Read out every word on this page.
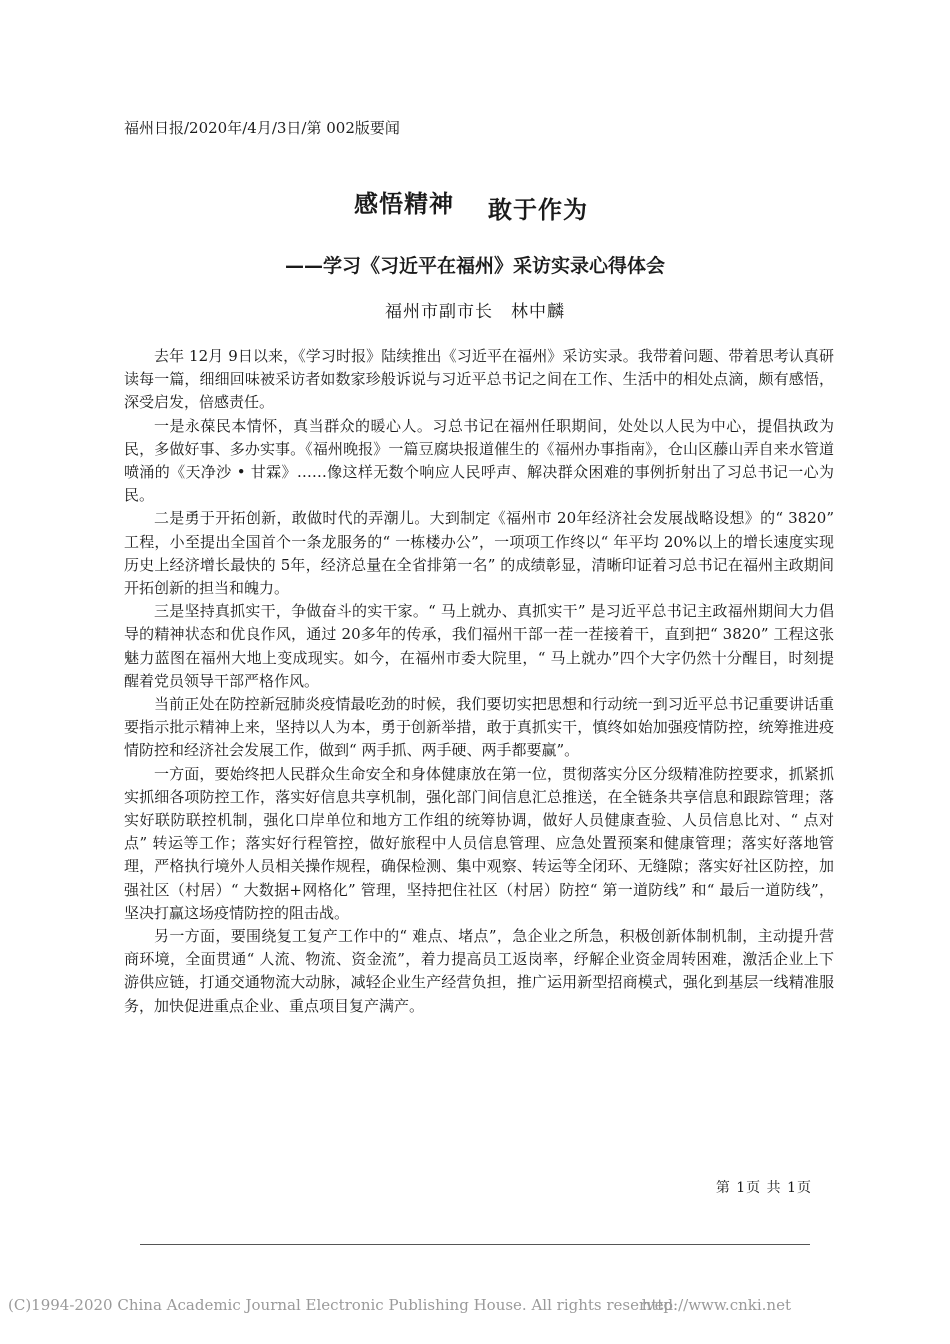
福州日报/2020年/4月/3日/第 002版要闻
感悟精神 敢于作为
——学习《习近平在福州》采访实录心得体会
福州市副市长 林中麟

去年 12月 9日以来，《学习时报》陆续推出《习近平在福州》采访实录。我带着问题、带着思考认真研读每一篇，细细回味被采访者如数家珍般诉说与习近平总书记之间在工作、生活中的相处点滴，颇有感悟，深受启发，倍感责任。

一是永葆民本情怀，真当群众的暖心人。习总书记在福州任职期间，处处以人民为中心，提倡执政为民，多做好事、多办实事。《福州晚报》一篇豆腐块报道催生的《福州办事指南》，仓山区藤山弄自来水管道喷涌的《天净沙 • 甘霖》……像这样无数个响应人民呼声、解决群众困难的事例折射出了习总书记一心为民。

二是勇于开拓创新，敢做时代的弄潮儿。大到制定《福州市 20年经济社会发展战略设想》的“ 3820” 工程，小至提出全国首个一条龙服务的“ 一栋楼办公”，一项项工作终以“ 年平均 20%以上的增长速度实现历史上经济增长最快的 5年，经济总量在全省排第一名” 的成绩彰显，清晰印证着习总书记在福州主政期间开拓创新的担当和魄力。

三是坚持真抓实干，争做奋斗的实干家。“ 马上就办、真抓实干” 是习近平总书记主政福州期间大力倡导的精神状态和优良作风，通过 20多年的传承，我们福州干部一茬一茬接着干，直到把“ 3820” 工程这张魅力蓝图在福州大地上变成现实。如今，在福州市委大院里，“ 马上就办”四个大字仍然十分醒目，时刻提醒着党员领导干部严格作风。

当前正处在防控新冠肺炎疫情最吃劲的时候，我们要切实把思想和行动统一到习近平总书记重要讲话重要指示批示精神上来，坚持以人为本，勇于创新举措，敢于真抓实干，慎终如始加强疫情防控，统筹推进疫情防控和经济社会发展工作，做到“ 两手抓、两手硬、两手都要赢”。

一方面，要始终把人民群众生命安全和身体健康放在第一位，贯彻落实分区分级精准防控要求，抓紧抓实抓细各项防控工作，落实好信息共享机制，强化部门间信息汇总推送，在全链条共享信息和跟踪管理；落实好联防联控机制，强化口岸单位和地方工作组的统筹协调，做好人员健康查验、人员信息比对、“ 点对点” 转运等工作；落实好行程管控，做好旅程中人员信息管理、应急处置预案和健康管理；落实好落地管理，严格执行境外人员相关操作规程，确保检测、集中观察、转运等全闭环、无缝隙；落实好社区防控，加强社区（村居）“ 大数据+网格化” 管理，坚持把住社区（村居）防控“ 第一道防线” 和“ 最后一道防线”，坚决打赢这场疫情防控的阻击战。

另一方面，要围绕复工复产工作中的“ 难点、堵点”，急企业之所急，积极创新体制机制，主动提升营商环境，全面贯通“ 人流、物流、资金流”，着力提高员工返岗率，纾解企业资金周转困难，激活企业上下游供应链，打通交通物流大动脉，减轻企业生产经营负担，推广运用新型招商模式，强化到基层一线精准服务，加快促进重点企业、重点项目复产满产。

第 1页 共 1页
(C)1994-2020 China Academic Journal Electronic Publishing House. All rights reserved.
http://www.cnki.net
